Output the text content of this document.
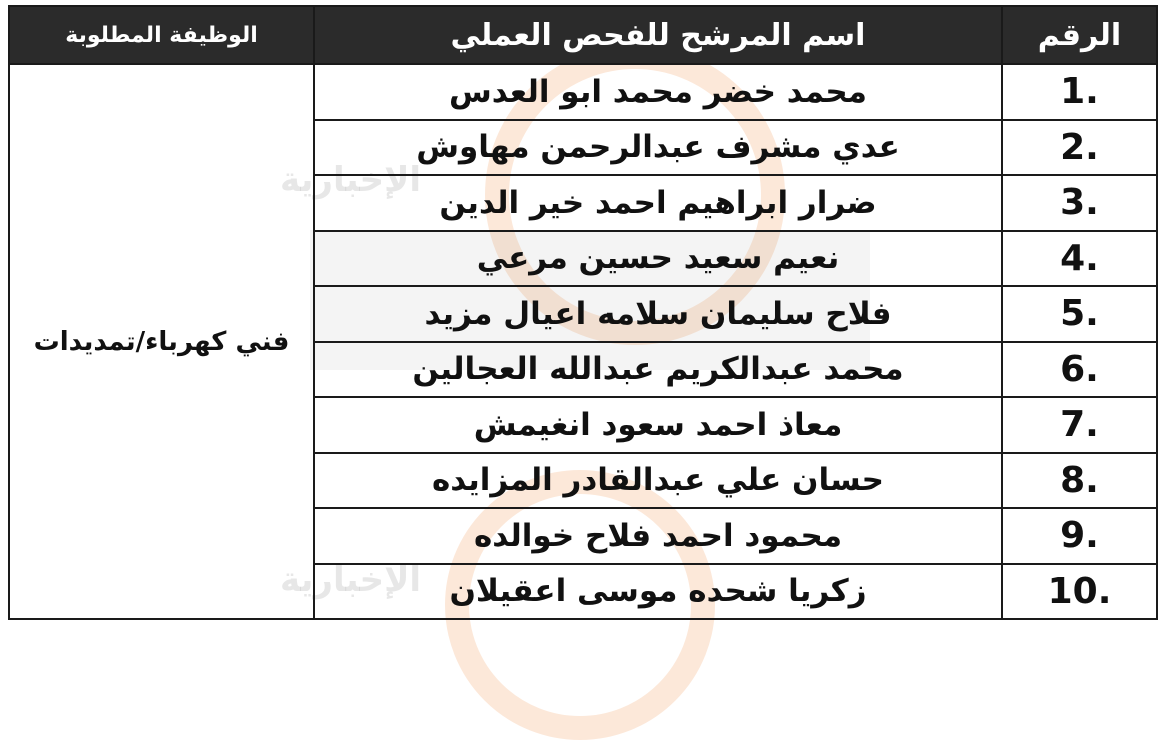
الإخبارية
الإخبارية
الرقم	اسم المرشح للفحص العملي	الوظيفة المطلوبة
1.	محمد خضر محمد ابو العدس	فني كهرباء/تمديدات
2.	عدي مشرف عبدالرحمن مهاوش	
3.	ضرار ابراهيم احمد خير الدين	
4.	نعيم سعيد حسين مرعي	
5.	فلاح سليمان سلامه اعيال مزيد	
6.	محمد عبدالكريم عبدالله العجالين	
7.	معاذ احمد سعود انغيمش	
8.	حسان علي عبدالقادر المزايده	
9.	محمود احمد فلاح خوالده	
10.	زكريا شحده موسى اعقيلان	
